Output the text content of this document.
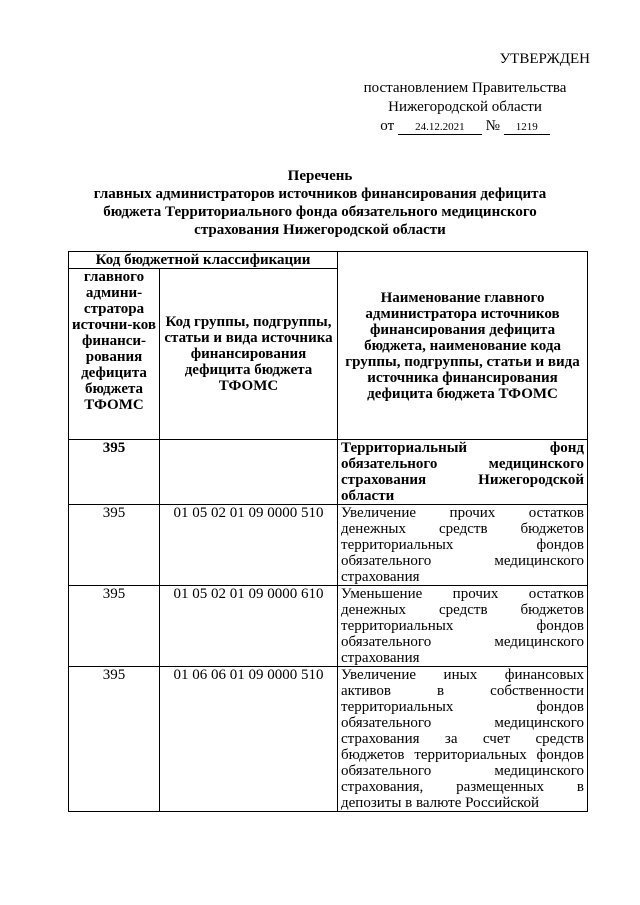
УТВЕРЖДЕН
постановлением Правительства
Нижегородской области
от 24.12.2021 № 1219
Перечень
главных администраторов источников финансирования дефицита
бюджета Территориального фонда обязательного медицинского
страхования Нижегородской области
Код бюджетной классификации		Наименование главного администратора источников финансирования дефицита бюджета, наименование кода группы, подгруппы, статьи и вида источника финансирования дефицита бюджета ТФОМС
главного админи-стратора источни-ков финанси-рования дефицита бюджета ТФОМС	Код группы, подгруппы, статьи и вида источника финансирования дефицита бюджета ТФОМС	
395		Территориальный фонд обязательного медицинского страхования Нижегородской области
395	01 05 02 01 09 0000 510	Увеличение прочих остатков денежных средств бюджетов территориальных фондов обязательного медицинского страхования
395	01 05 02 01 09 0000 610	Уменьшение прочих остатков денежных средств бюджетов территориальных фондов обязательного медицинского страхования
395	01 06 06 01 09 0000 510	Увеличение иных финансовых активов в собственности территориальных фондов обязательного медицинского страхования за счет средств бюджетов территориальных фондов обязательного медицинского страхования, размещенных в депозиты в валюте Российской
